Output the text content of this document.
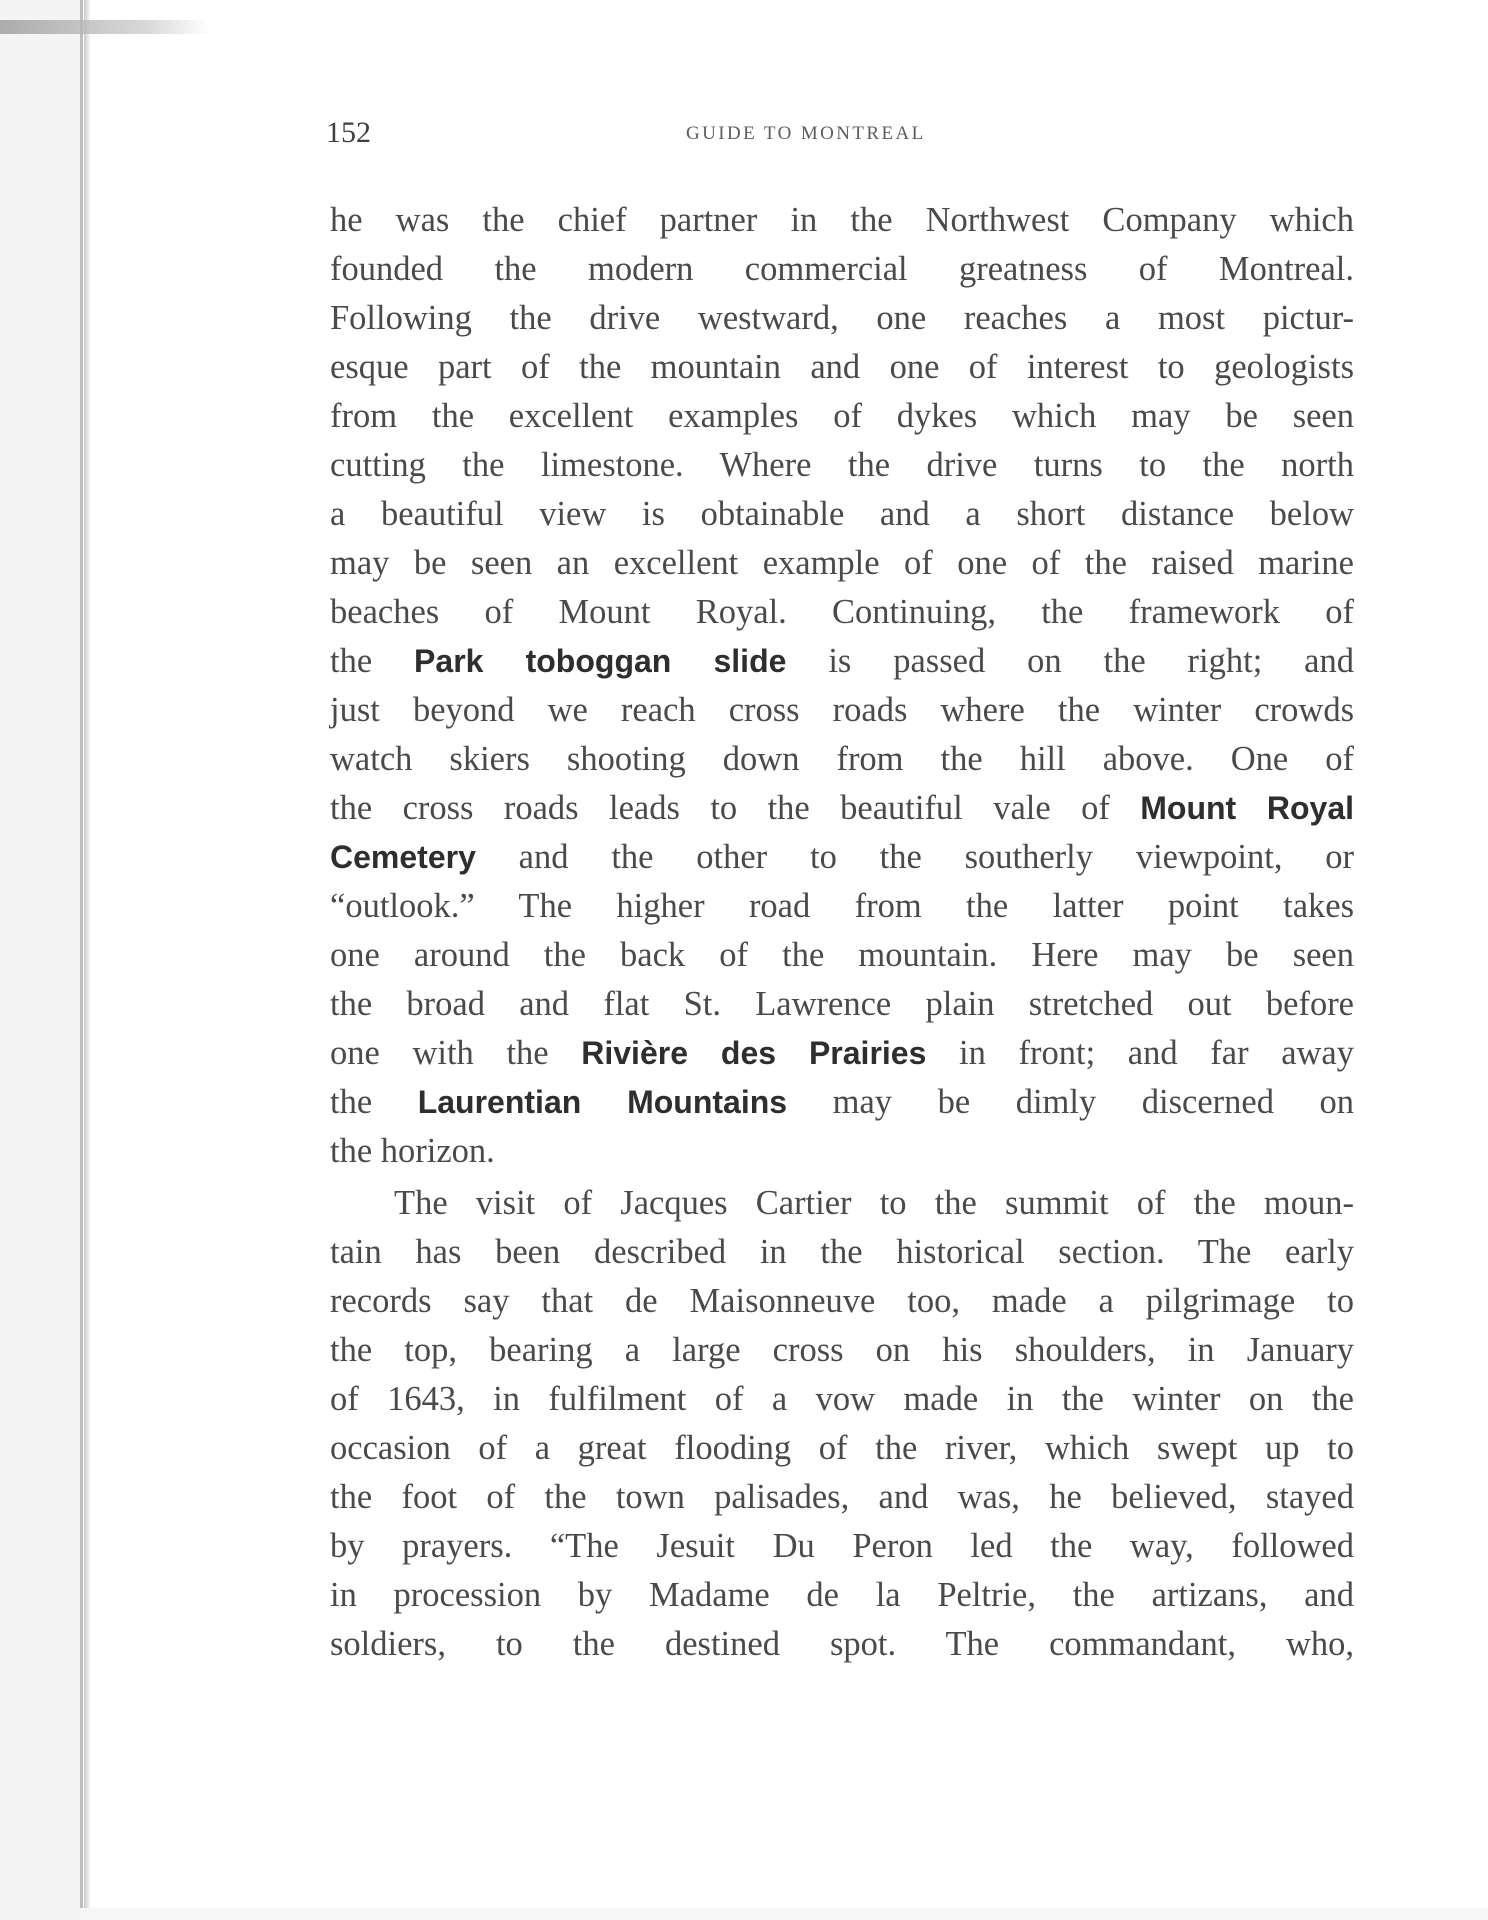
152	GUIDE TO MONTREAL
he was the chief partner in the Northwest Company which
founded the modern commercial greatness of Montreal.
Following the drive westward, one reaches a most pictur-
esque part of the mountain and one of interest to geologists
from the excellent examples of dykes which may be seen
cutting the limestone. Where the drive turns to the north
a beautiful view is obtainable and a short distance below
may be seen an excellent example of one of the raised marine
beaches of Mount Royal. Continuing, the framework of
the Park toboggan slide is passed on the right; and
just beyond we reach cross roads where the winter crowds
watch skiers shooting down from the hill above. One of
the cross roads leads to the beautiful vale of Mount Royal
Cemetery and the other to the southerly viewpoint, or
“outlook.” The higher road from the latter point takes
one around the back of the mountain. Here may be seen
the broad and flat St. Lawrence plain stretched out before
one with the Rivière des Prairies in front; and far away
the Laurentian Mountains may be dimly discerned on
the horizon.
The visit of Jacques Cartier to the summit of the moun-
tain has been described in the historical section. The early
records say that de Maisonneuve too, made a pilgrimage to
the top, bearing a large cross on his shoulders, in January
of 1643, in fulfilment of a vow made in the winter on the
occasion of a great flooding of the river, which swept up to
the foot of the town palisades, and was, he believed, stayed
by prayers. “The Jesuit Du Peron led the way, followed
in procession by Madame de la Peltrie, the artizans, and
soldiers, to the destined spot. The commandant, who,
